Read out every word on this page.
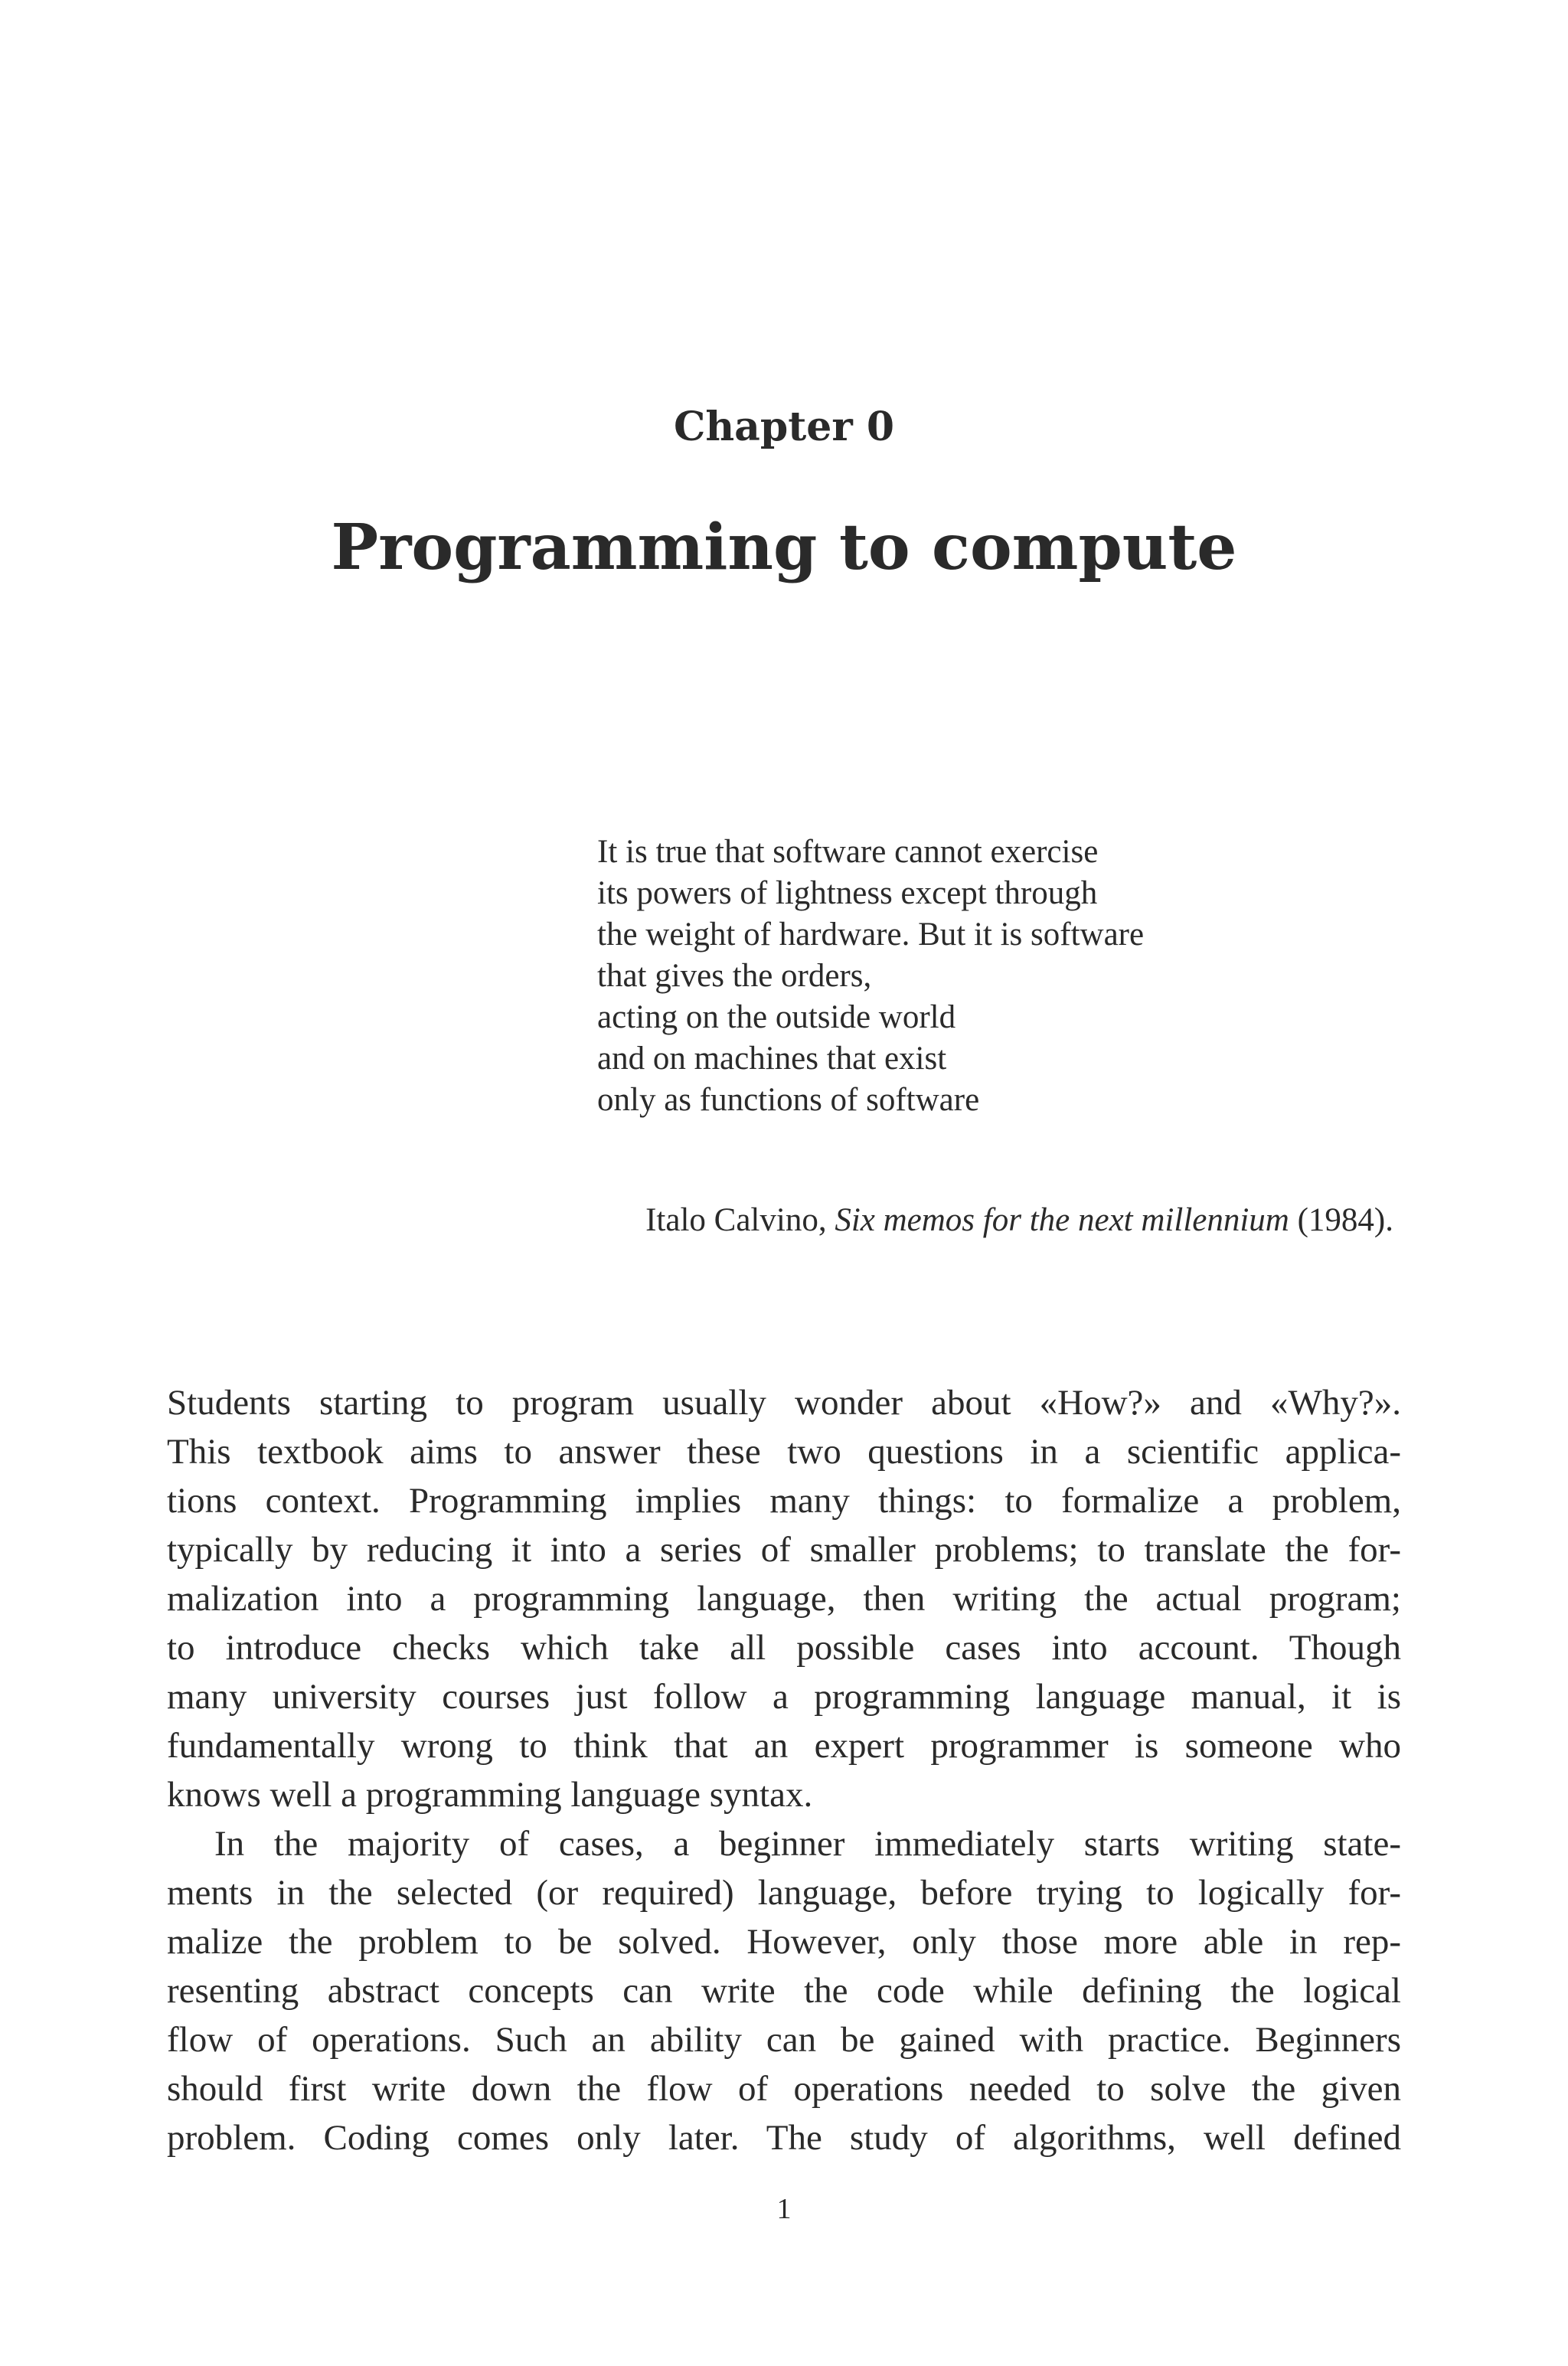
Chapter 0
Programming to compute
It is true that software cannot exercise
its powers of lightness except through
the weight of hardware. But it is software
that gives the orders,
acting on the outside world
and on machines that exist
only as functions of software

Italo Calvino, Six memos for the next millennium (1984).

Students starting to program usually wonder about «How?» and «Why?».
This textbook aims to answer these two questions in a scientific applica-
tions context. Programming implies many things: to formalize a problem,
typically by reducing it into a series of smaller problems; to translate the for-
malization into a programming language, then writing the actual program;
to introduce checks which take all possible cases into account. Though
many university courses just follow a programming language manual, it is
fundamentally wrong to think that an expert programmer is someone who
knows well a programming language syntax.
In the majority of cases, a beginner immediately starts writing state-
ments in the selected (or required) language, before trying to logically for-
malize the problem to be solved. However, only those more able in rep-
resenting abstract concepts can write the code while defining the logical
flow of operations. Such an ability can be gained with practice. Beginners
should first write down the flow of operations needed to solve the given
problem. Coding comes only later. The study of algorithms, well defined

1
